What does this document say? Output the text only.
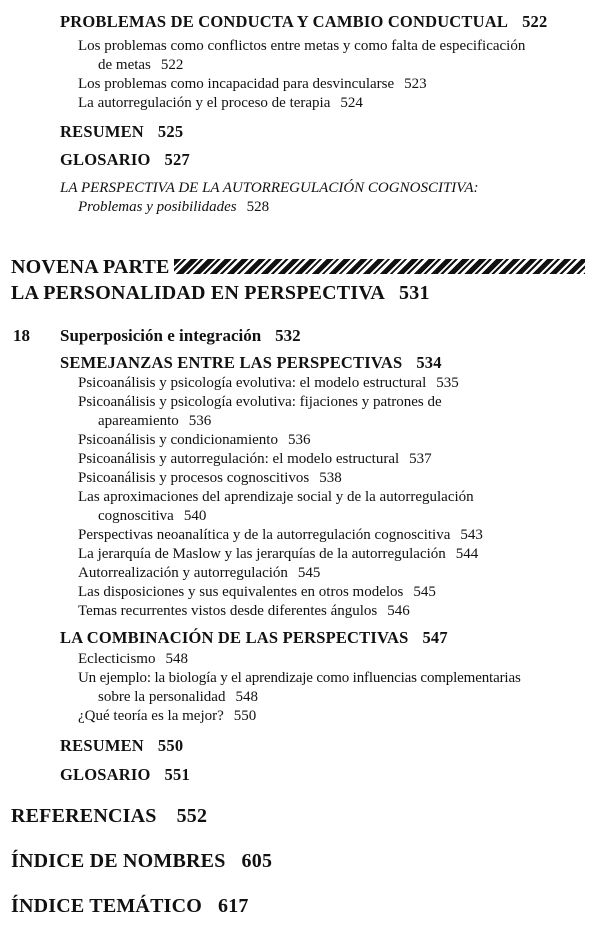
PROBLEMAS DE CONDUCTA Y CAMBIO CONDUCTUAL 522
Los problemas como conflictos entre metas y como falta de especificación
de metas 522
Los problemas como incapacidad para desvincularse 523
La autorregulación y el proceso de terapia 524
RESUMEN 525
GLOSARIO 527
LA PERSPECTIVA DE LA AUTORREGULACIÓN COGNOSCITIVA:
Problemas y posibilidades 528
NOVENA PARTE
LA PERSONALIDAD EN PERSPECTIVA 531
18 Superposición e integración 532
SEMEJANZAS ENTRE LAS PERSPECTIVAS 534
Psicoanálisis y psicología evolutiva: el modelo estructural 535
Psicoanálisis y psicología evolutiva: fijaciones y patrones de
apareamiento 536
Psicoanálisis y condicionamiento 536
Psicoanálisis y autorregulación: el modelo estructural 537
Psicoanálisis y procesos cognoscitivos 538
Las aproximaciones del aprendizaje social y de la autorregulación
cognoscitiva 540
Perspectivas neoanalítica y de la autorregulación cognoscitiva 543
La jerarquía de Maslow y las jerarquías de la autorregulación 544
Autorrealización y autorregulación 545
Las disposiciones y sus equivalentes en otros modelos 545
Temas recurrentes vistos desde diferentes ángulos 546
LA COMBINACIÓN DE LAS PERSPECTIVAS 547
Eclecticismo 548
Un ejemplo: la biología y el aprendizaje como influencias complementarias
sobre la personalidad 548
¿Qué teoría es la mejor? 550
RESUMEN 550
GLOSARIO 551
REFERENCIAS 552
ÍNDICE DE NOMBRES 605
ÍNDICE TEMÁTICO 617
